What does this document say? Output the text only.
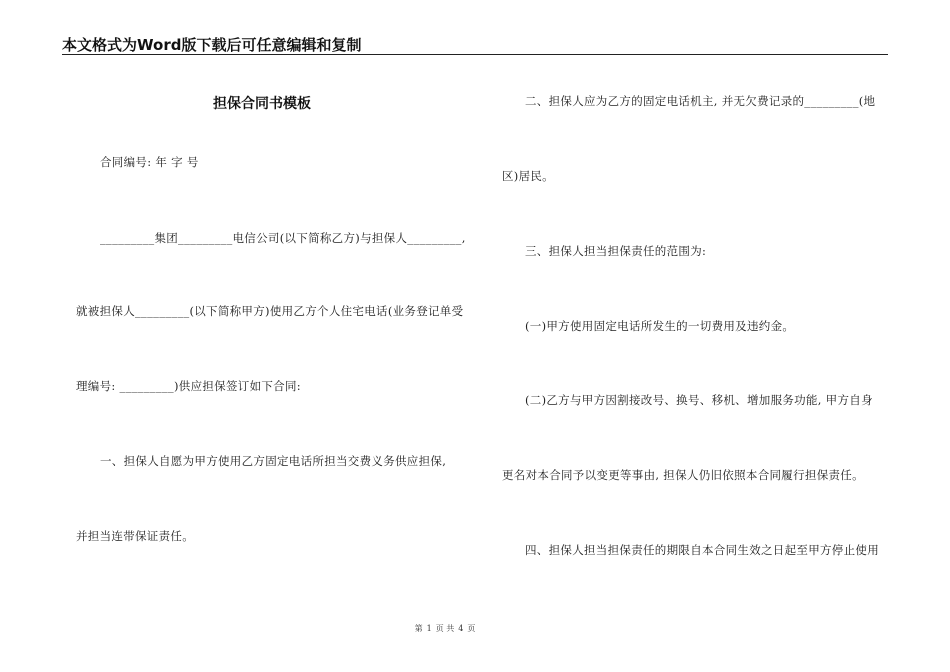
本文格式为Word版下载后可任意编辑和复制
担保合同书模板
合同编号: 年 字 号
_________集团_________电信公司(以下简称乙方)与担保人_________,
就被担保人_________(以下简称甲方)使用乙方个人住宅电话(业务登记单受
理编号: _________)供应担保签订如下合同:
一、担保人自愿为甲方使用乙方固定电话所担当交费义务供应担保,
并担当连带保证责任。
二、担保人应为乙方的固定电话机主, 并无欠费记录的_________(地
区)居民。
三、担保人担当担保责任的范围为:
(一)甲方使用固定电话所发生的一切费用及违约金。
(二)乙方与甲方因割接改号、换号、移机、增加服务功能, 甲方自身
更名对本合同予以变更等事由, 担保人仍旧依照本合同履行担保责任。
四、担保人担当担保责任的期限自本合同生效之日起至甲方停止使用
第 1 页 共 4 页
